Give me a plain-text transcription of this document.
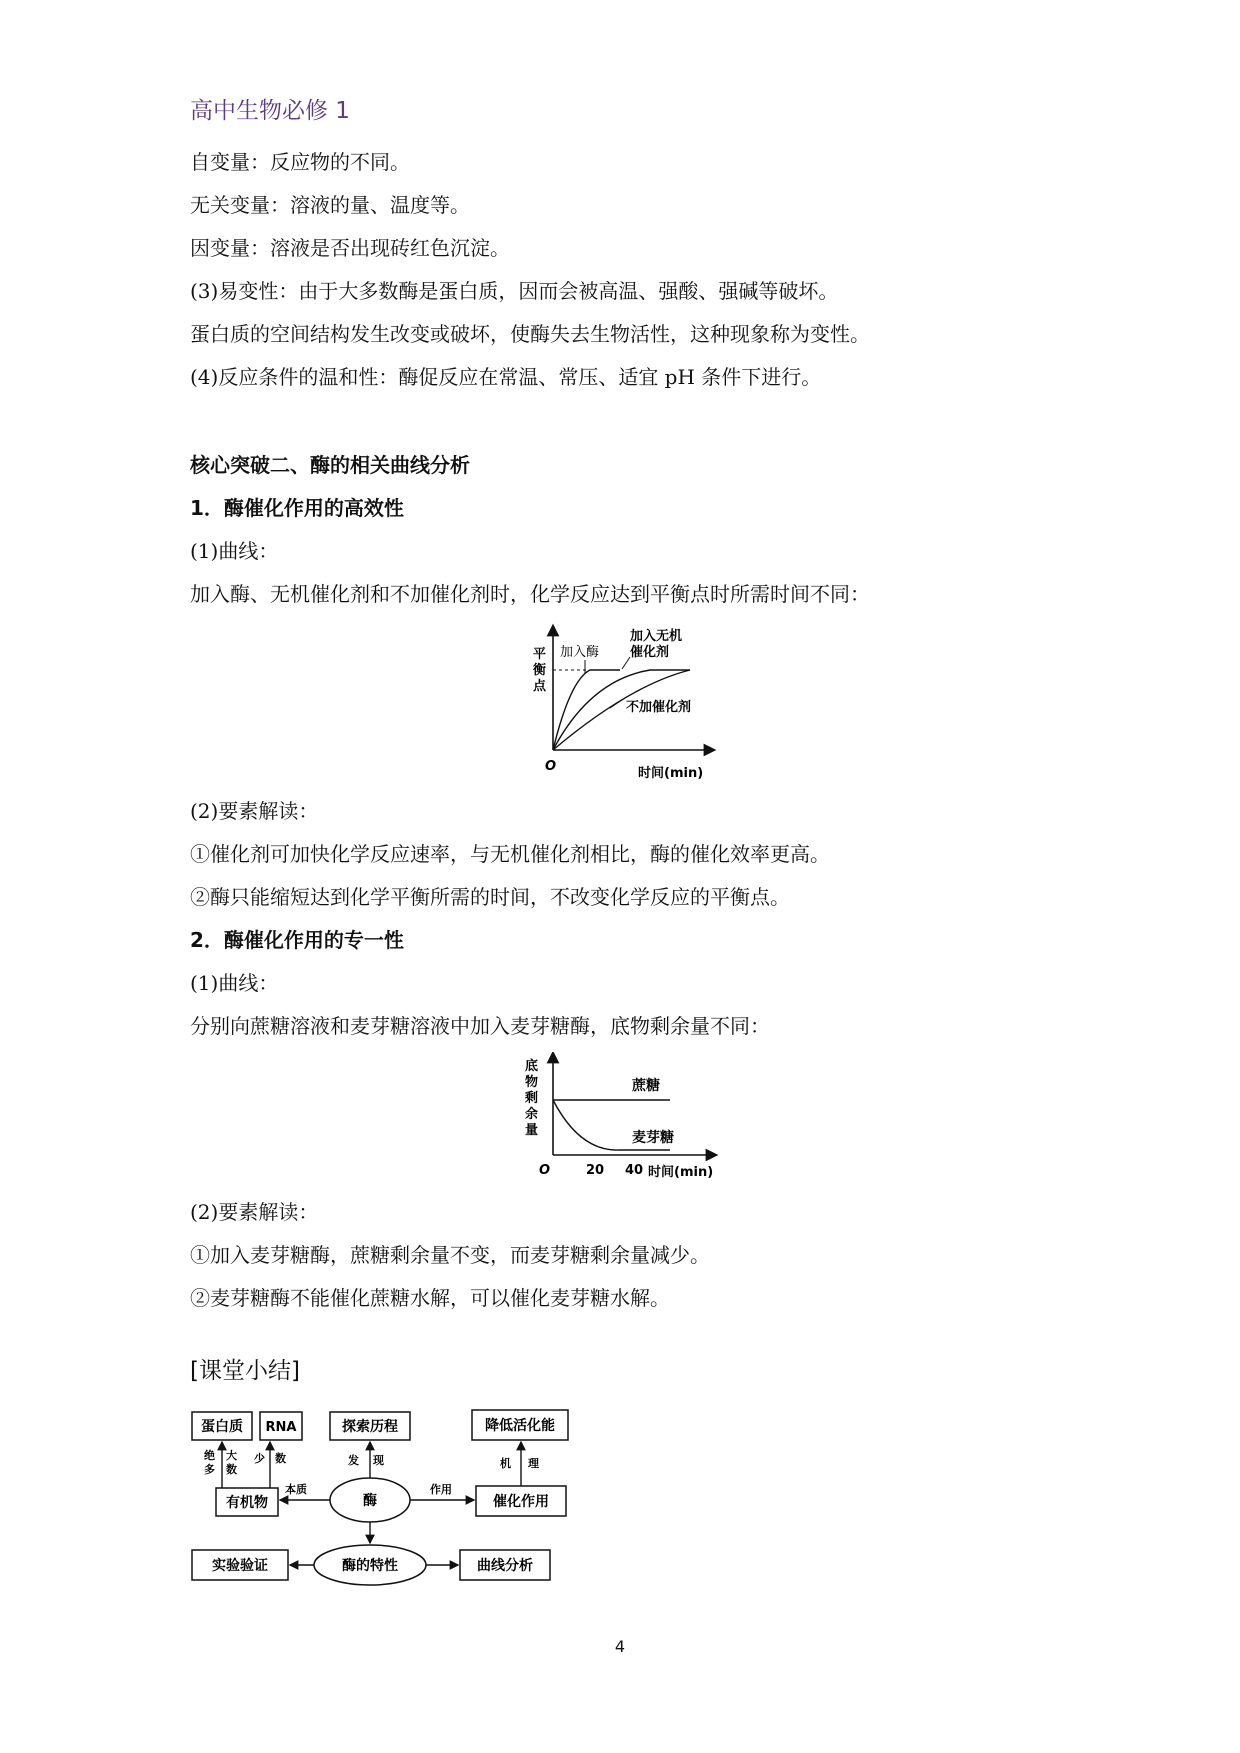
高中生物必修 1
自变量：反应物的不同。
无关变量：溶液的量、温度等。
因变量：溶液是否出现砖红色沉淀。
(3)易变性：由于大多数酶是蛋白质，因而会被高温、强酸、强碱等破坏。
蛋白质的空间结构发生改变或破坏，使酶失去生物活性，这种现象称为变性。
(4)反应条件的温和性：酶促反应在常温、常压、适宜 pH 条件下进行。
核心突破二、酶的相关曲线分析
1．酶催化作用的高效性
(1)曲线：
加入酶、无机催化剂和不加催化剂时，化学反应达到平衡点时所需时间不同：
平
衡
点
加入酶
加入无机
催化剂
不加催化剂
O	时间(min)
(2)要素解读：
①催化剂可加快化学反应速率，与无机催化剂相比，酶的催化效率更高。
②酶只能缩短达到化学平衡所需的时间，不改变化学反应的平衡点。
2．酶催化作用的专一性
(1)曲线：
分别向蔗糖溶液和麦芽糖溶液中加入麦芽糖酶，底物剩余量不同：
底
物
剩
余
量
蔗糖
麦芽糖
O	20 40 时间(min)
(2)要素解读：
①加入麦芽糖酶，蔗糖剩余量不变，而麦芽糖剩余量减少。
②麦芽糖酶不能催化蔗糖水解，可以催化麦芽糖水解。
[课堂小结]
蛋白质 RNA	探索历程	降低活化能
有机物	酶	催化作用
实验验证	酶的特性	曲线分析
本质	作用
发 现	机 理
绝 大
多 数
少 数
4
